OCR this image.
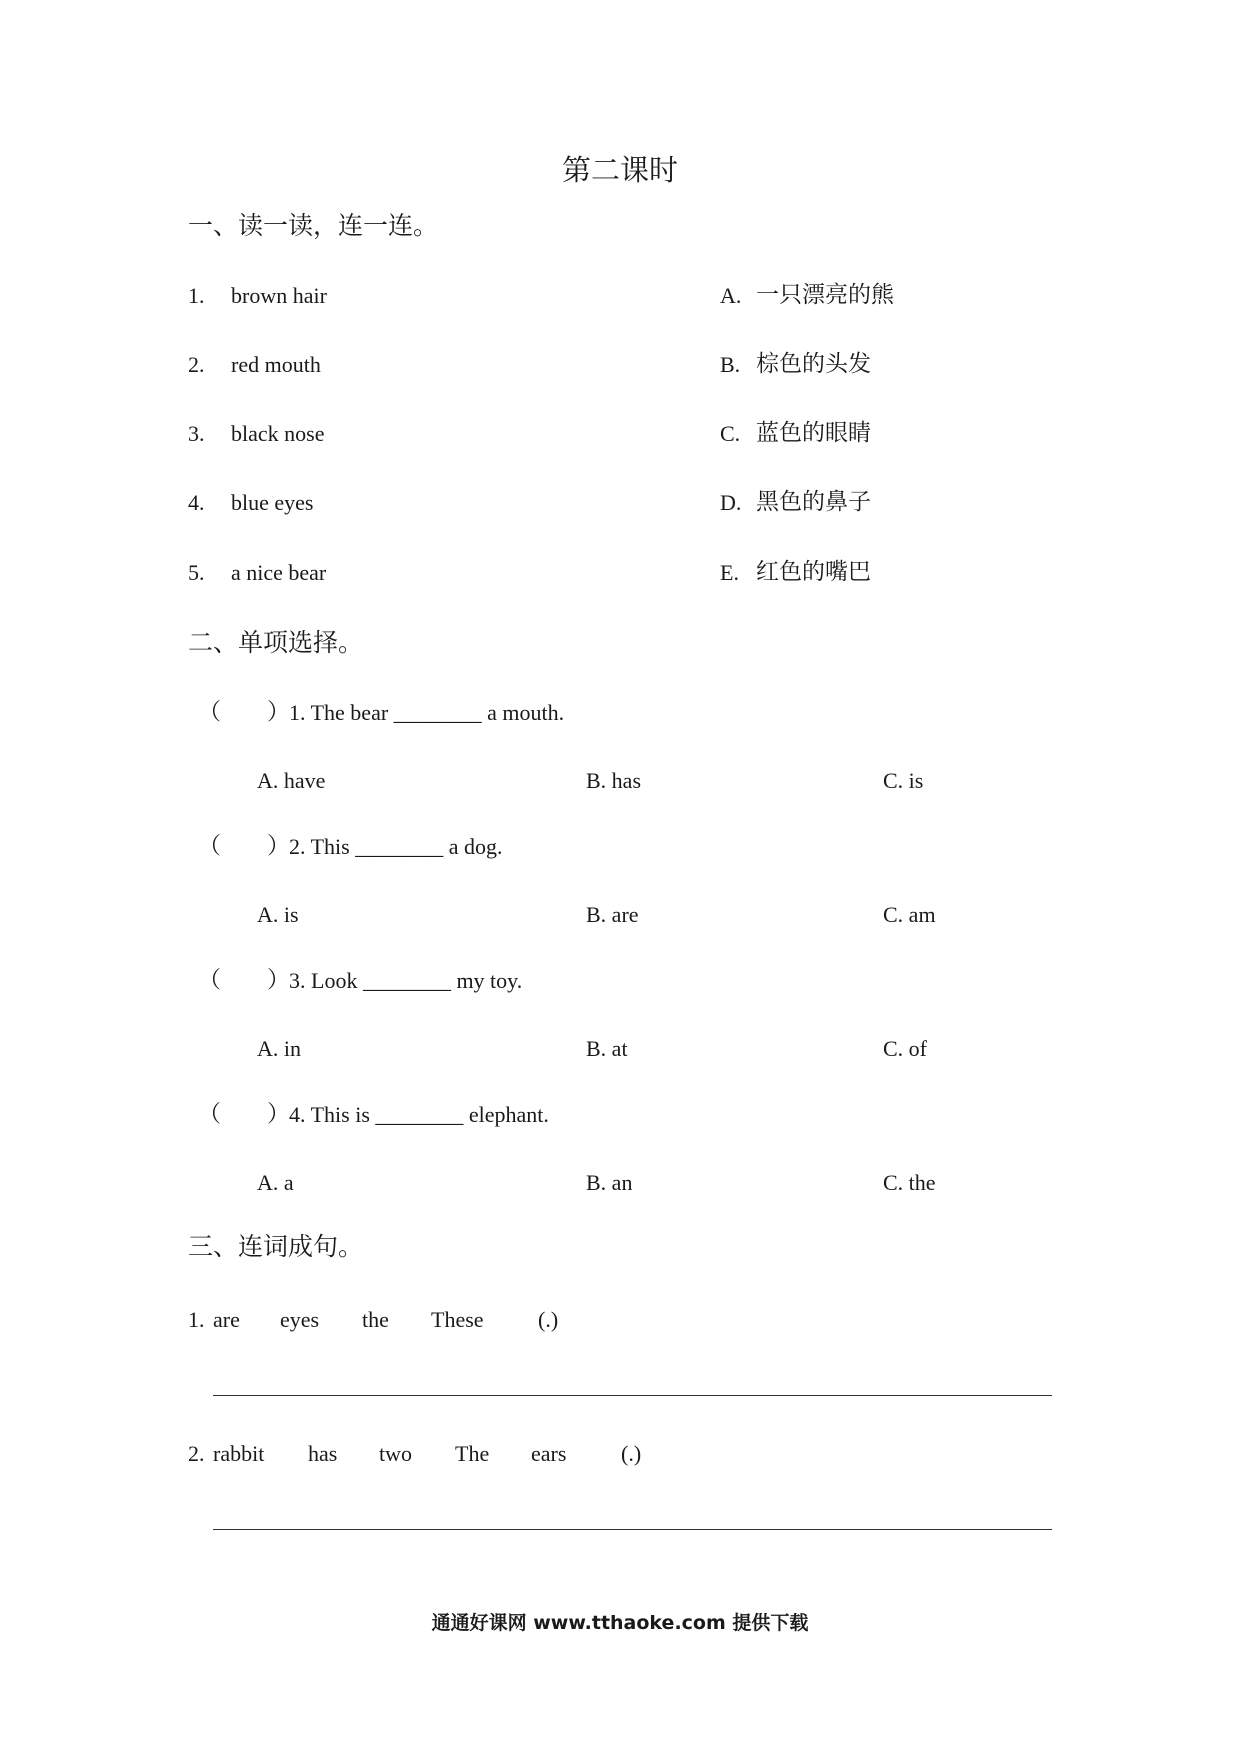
第二课时
一、读一读，连一连。
1. brown hair
2. red mouth
3. black nose
4. blue eyes
5. a nice bear
A. 一只漂亮的熊
B. 棕色的头发
C. 蓝色的眼睛
D. 黑色的鼻子
E. 红色的嘴巴
二、单项选择。
（　　） 1. The bear ________ a mouth.
A. have	B. has	C. is
（　　） 2. This ________ a dog.
A. is	B. are	C. am
（　　） 3. Look ________ my toy.
A. in	B. at	C. of
（　　） 4. This is ________ elephant.
A. a	B. an	C. the
三、连词成句。
1. are eyes the These (.)
2. rabbit has two The ears (.)
通通好课网 www.tthaoke.com 提供下载
